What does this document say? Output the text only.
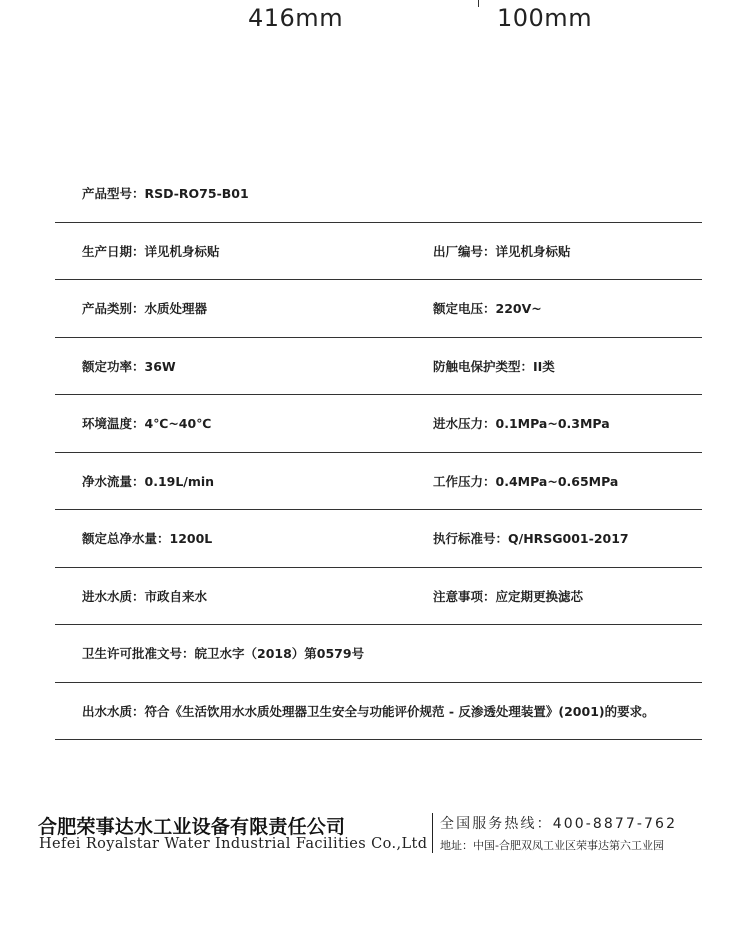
416mm	100mm
产品型号：RSD-RO75-B01
生产日期：详见机身标贴	出厂编号：详见机身标贴
产品类别：水质处理器	额定电压：220V~
额定功率：36W	防触电保护类型：II类
环境温度：4℃~40℃	进水压力：0.1MPa~0.3MPa
净水流量：0.19L/min	工作压力：0.4MPa~0.65MPa
额定总净水量：1200L	执行标准号：Q/HRSG001-2017
进水水质：市政自来水	注意事项：应定期更换滤芯
卫生许可批准文号：皖卫水字（2018）第0579号
出水水质：符合《生活饮用水水质处理器卫生安全与功能评价规范 - 反渗透处理装置》(2001)的要求。
合肥荣事达水工业设备有限责任公司
Hefei Royalstar Water Industrial Facilities Co.,Ltd
全国服务热线：400-8877-762
地址：中国-合肥双凤工业区荣事达第六工业园
